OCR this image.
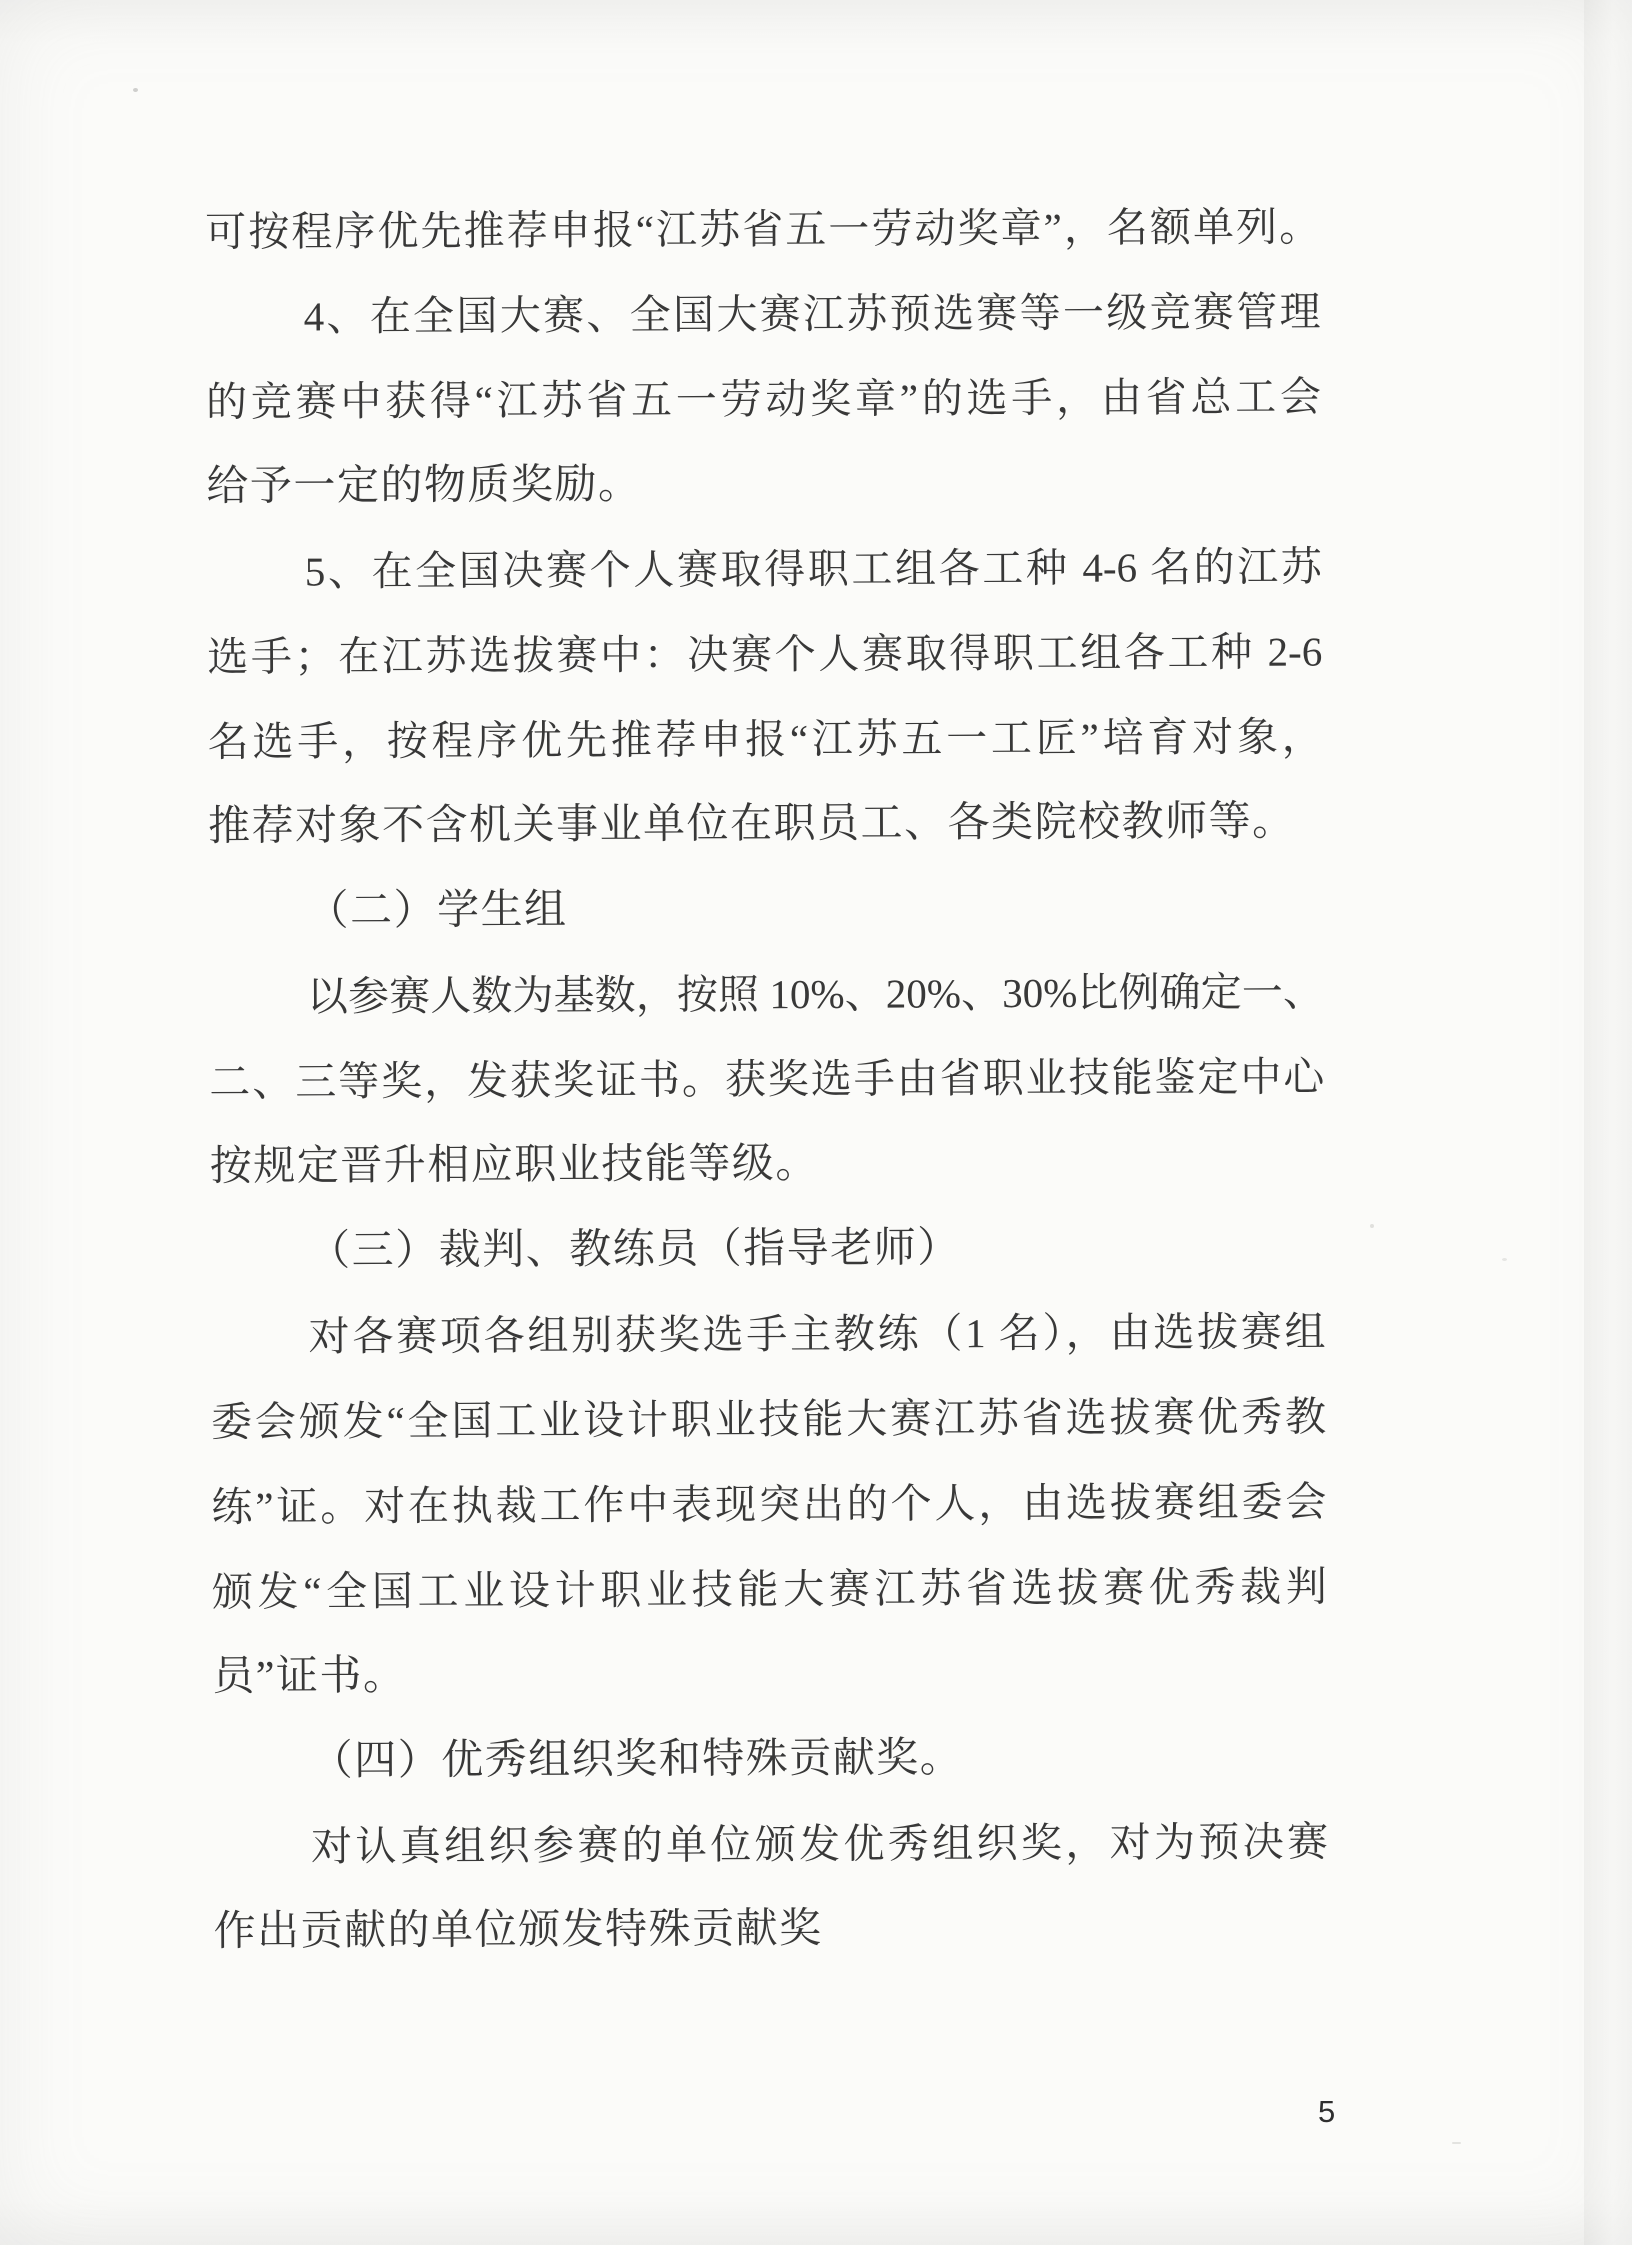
可按程序优先推荐申报“江苏省五一劳动奖章”，名额单列。
4、在全国大赛、全国大赛江苏预选赛等一级竞赛管理
的竞赛中获得“江苏省五一劳动奖章”的选手，由省总工会
给予一定的物质奖励。
5、在全国决赛个人赛取得职工组各工种 4-6 名的江苏
选手；在江苏选拔赛中：决赛个人赛取得职工组各工种 2-6
名选手，按程序优先推荐申报“江苏五一工匠”培育对象，
推荐对象不含机关事业单位在职员工、各类院校教师等。
（二）学生组
以参赛人数为基数，按照 10%、20%、30%比例确定一、
二、三等奖，发获奖证书。获奖选手由省职业技能鉴定中心
按规定晋升相应职业技能等级。
（三）裁判、教练员（指导老师）
对各赛项各组别获奖选手主教练（1 名），由选拔赛组
委会颁发“全国工业设计职业技能大赛江苏省选拔赛优秀教
练”证。对在执裁工作中表现突出的个人，由选拔赛组委会
颁发“全国工业设计职业技能大赛江苏省选拔赛优秀裁判
员”证书。
（四）优秀组织奖和特殊贡献奖。
对认真组织参赛的单位颁发优秀组织奖，对为预决赛
作出贡献的单位颁发特殊贡献奖
5
